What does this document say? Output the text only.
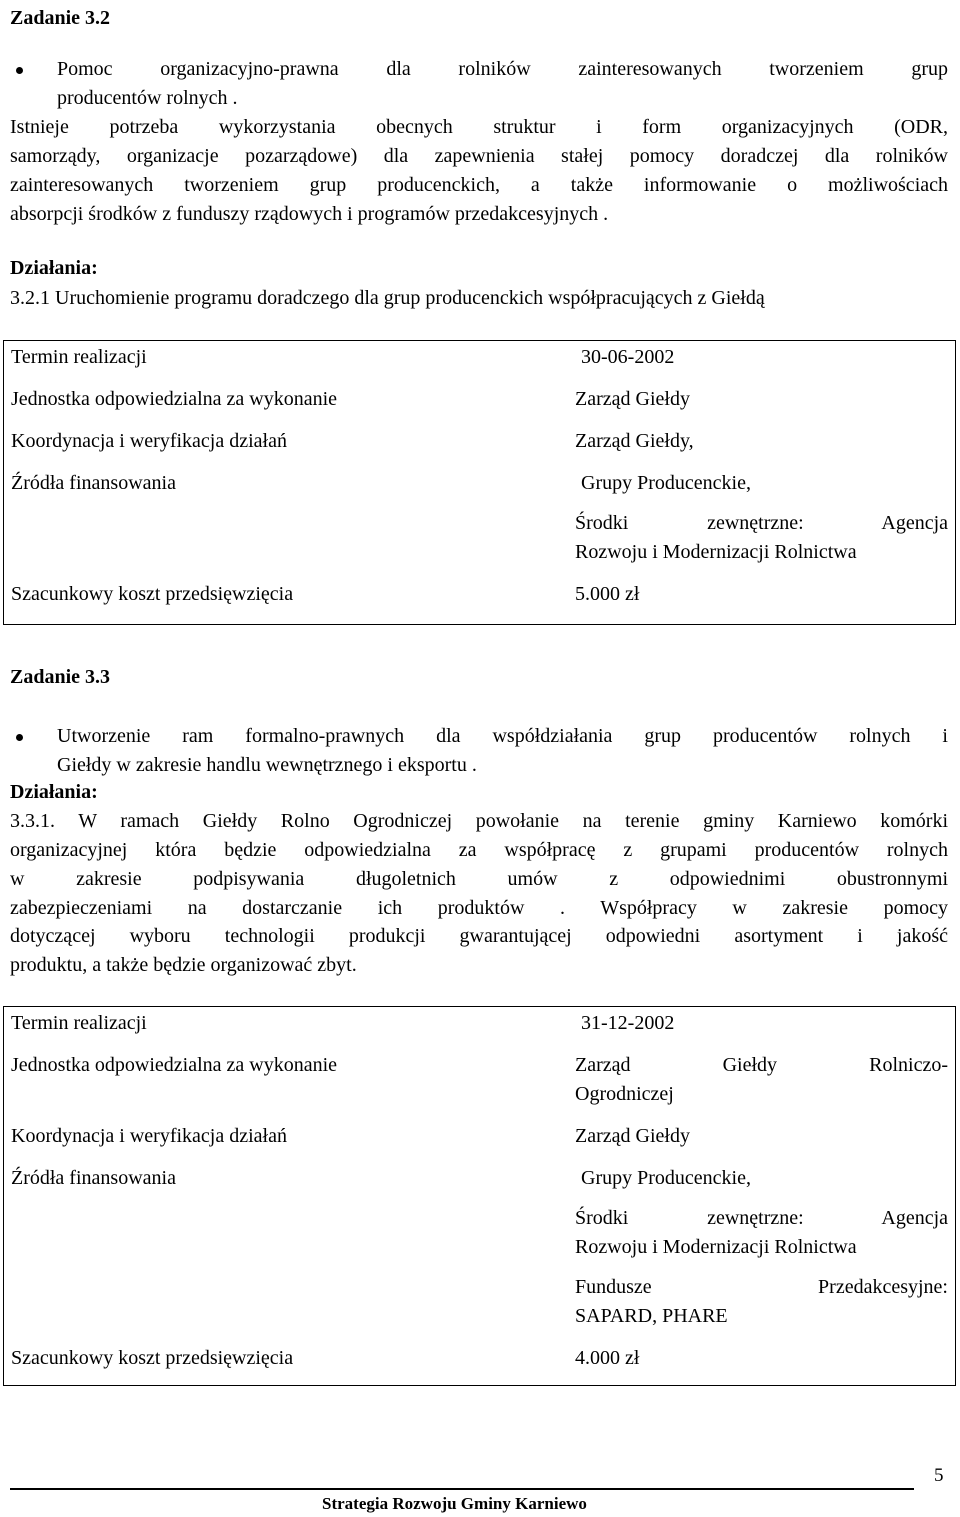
Zadanie 3.2
Pomoc organizacyjno-prawna dla rolników zainteresowanych tworzeniem grup
producentów rolnych .
Istnieje potrzeba wykorzystania obecnych struktur i form organizacyjnych (ODR,
samorządy, organizacje pozarządowe) dla zapewnienia stałej pomocy doradczej dla rolników
zainteresowanych tworzeniem grup producenckich, a także informowanie o możliwościach
absorpcji środków z funduszy rządowych i programów przedakcesyjnych .
Działania:
3.2.1 Uruchomienie programu doradczego dla grup producenckich współpracujących z Giełdą
Termin realizacji	30-06-2002
Jednostka odpowiedzialna za wykonanie	Zarząd Giełdy
Koordynacja i weryfikacja działań	Zarząd Giełdy,
Źródła finansowania	Grupy Producenckie,
Środki zewnętrzne: Agencja
Rozwoju i Modernizacji Rolnictwa
Szacunkowy koszt przedsięwzięcia	5.000 zł
Zadanie 3.3
Utworzenie ram formalno-prawnych dla współdziałania grup producentów rolnych i
Giełdy w zakresie handlu wewnętrznego i eksportu .
Działania:
3.3.1. W ramach Giełdy Rolno Ogrodniczej powołanie na terenie gminy Karniewo komórki
organizacyjnej która będzie odpowiedzialna za współpracę z grupami producentów rolnych
w zakresie podpisywania długoletnich umów z odpowiednimi obustronnymi
zabezpieczeniami na dostarczanie ich produktów . Współpracy w zakresie pomocy
dotyczącej wyboru technologii produkcji gwarantującej odpowiedni asortyment i jakość
produktu, a także będzie organizować zbyt.
Termin realizacji	31-12-2002
Jednostka odpowiedzialna za wykonanie	Zarząd Giełdy Rolniczo-
Ogrodniczej
Koordynacja i weryfikacja działań	Zarząd Giełdy
Źródła finansowania	Grupy Producenckie,
Środki zewnętrzne: Agencja
Rozwoju i Modernizacji Rolnictwa
Fundusze Przedakcesyjne:
SAPARD, PHARE
Szacunkowy koszt przedsięwzięcia	4.000 zł
5
Strategia Rozwoju Gminy Karniewo
